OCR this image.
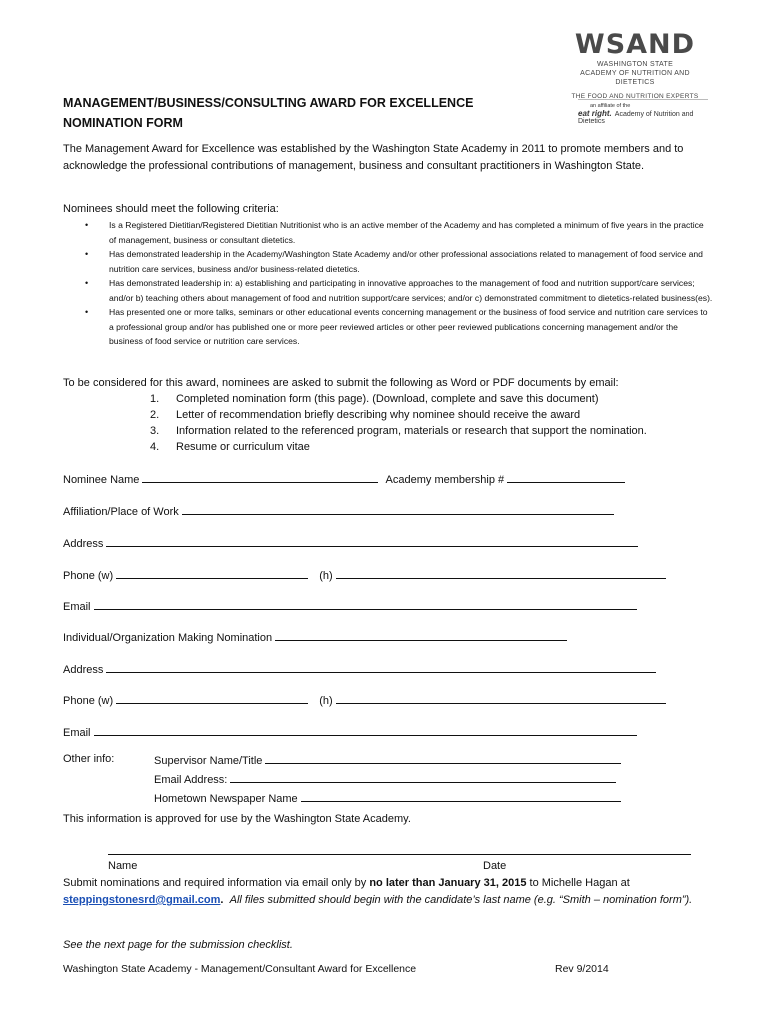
WSAND
WASHINGTON STATE
ACADEMY OF NUTRITION AND DIETETICS
THE FOOD AND NUTRITION EXPERTS
an affiliate of the
eat right. Academy of Nutrition and Dietetics
MANAGEMENT/BUSINESS/CONSULTING AWARD FOR EXCELLENCE
NOMINATION FORM
The Management Award for Excellence was established by the Washington State Academy in 2011 to promote members and to acknowledge the professional contributions of management, business and consultant practitioners in Washington State.
Nominees should meet the following criteria:
• Is a Registered Dietitian/Registered Dietitian Nutritionist who is an active member of the Academy and has completed a minimum of five years in the practice of management, business or consultant dietetics.
• Has demonstrated leadership in the Academy/Washington State Academy and/or other professional associations related to management of food service and nutrition care services, business and/or business-related dietetics.
• Has demonstrated leadership in: a) establishing and participating in innovative approaches to the management of food and nutrition support/care services; and/or b) teaching others about management of food and nutrition support/care services; and/or c) demonstrated commitment to dietetics-related business(es).
• Has presented one or more talks, seminars or other educational events concerning management or the business of food service and nutrition care services to a professional group and/or has published one or more peer reviewed articles or other peer reviewed publications concerning management and/or the business of food service or nutrition care services.
To be considered for this award, nominees are asked to submit the following as Word or PDF documents by email:
1. Completed nomination form (this page). (Download, complete and save this document)
2. Letter of recommendation briefly describing why nominee should receive the award
3. Information related to the referenced program, materials or research that support the nomination.
4. Resume or curriculum vitae
Nominee Name	Academy membership #
Affiliation/Place of Work
Address
Phone (w)	(h)
Email
Individual/Organization Making Nomination
Address
Phone (w)	(h)
Email
Other info:	Supervisor Name/Title
Email Address:
Hometown Newspaper Name
This information is approved for use by the Washington State Academy.
Name	Date
Submit nominations and required information via email only by no later than January 31, 2015 to Michelle Hagan at
steppingstonesrd@gmail.com. All files submitted should begin with the candidate’s last name (e.g. “Smith – nomination form”).
See the next page for the submission checklist.
Washington State Academy - Management/Consultant Award for Excellence	Rev 9/2014
